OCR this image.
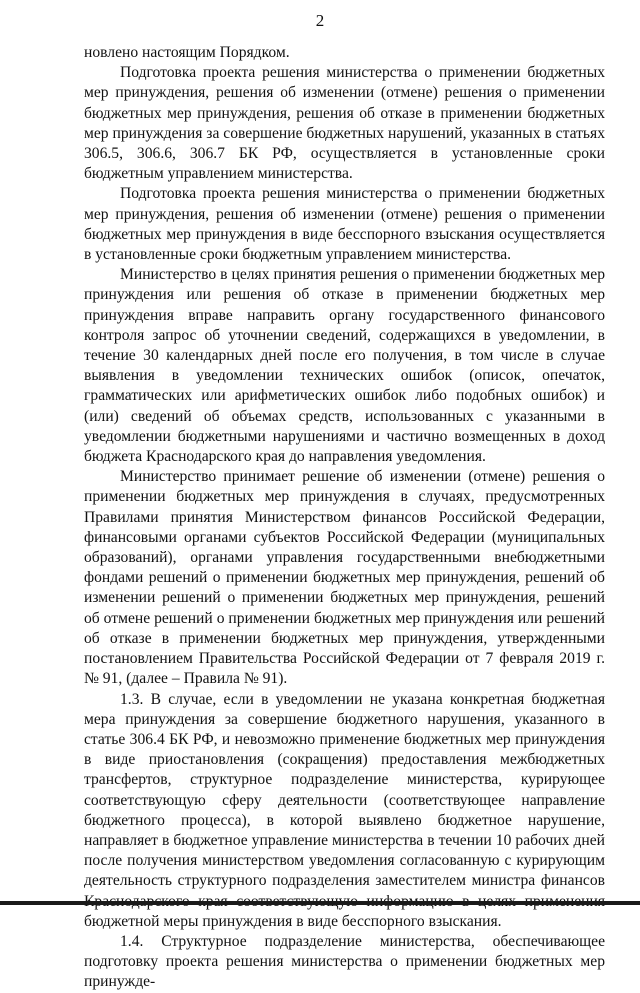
2

новлено настоящим Порядком.

Подготовка проекта решения министерства о применении бюджетных мер принуждения, решения об изменении (отмене) решения о применении бюджетных мер принуждения, решения об отказе в применении бюджетных мер принуждения за совершение бюджетных нарушений, указанных в статьях 306.5, 306.6, 306.7 БК РФ, осуществляется в установленные сроки бюджетным управлением министерства.

Подготовка проекта решения министерства о применении бюджетных мер принуждения, решения об изменении (отмене) решения о применении бюджетных мер принуждения в виде бесспорного взыскания осуществляется в установленные сроки бюджетным управлением министерства.

Министерство в целях принятия решения о применении бюджетных мер принуждения или решения об отказе в применении бюджетных мер принуждения вправе направить органу государственного финансового контроля запрос об уточнении сведений, содержащихся в уведомлении, в течение 30 календарных дней после его получения, в том числе в случае выявления в уведомлении технических ошибок (описок, опечаток, грамматических или арифметических ошибок либо подобных ошибок) и (или) сведений об объемах средств, использованных с указанными в уведомлении бюджетными нарушениями и частично возмещенных в доход бюджета Краснодарского края до направления уведомления.

Министерство принимает решение об изменении (отмене) решения о применении бюджетных мер принуждения в случаях, предусмотренных Правилами принятия Министерством финансов Российской Федерации, финансовыми органами субъектов Российской Федерации (муниципальных образований), органами управления государственными внебюджетными фондами решений о применении бюджетных мер принуждения, решений об изменении решений о применении бюджетных мер принуждения, решений об отмене решений о применении бюджетных мер принуждения или решений об отказе в применении бюджетных мер принуждения, утвержденными постановлением Правительства Российской Федерации от 7 февраля 2019 г. № 91, (далее – Правила № 91).

1.3. В случае, если в уведомлении не указана конкретная бюджетная мера принуждения за совершение бюджетного нарушения, указанного в статье 306.4 БК РФ, и невозможно применение бюджетных мер принуждения в виде приостановления (сокращения) предоставления межбюджетных трансфертов, структурное подразделение министерства, курирующее соответствующую сферу деятельности (соответствующее направление бюджетного процесса), в которой выявлено бюджетное нарушение, направляет в бюджетное управление министерства в течении 10 рабочих дней после получения министерством уведомления согласованную с курирующим деятельность структурного подразделения заместителем министра финансов бюджетной меры принуждения в виде бесспорного взыскания.

1.4. Структурное подразделение министерства, обеспечивающее подготовку проекта решения министерства о применении бюджетных мер принужде-
